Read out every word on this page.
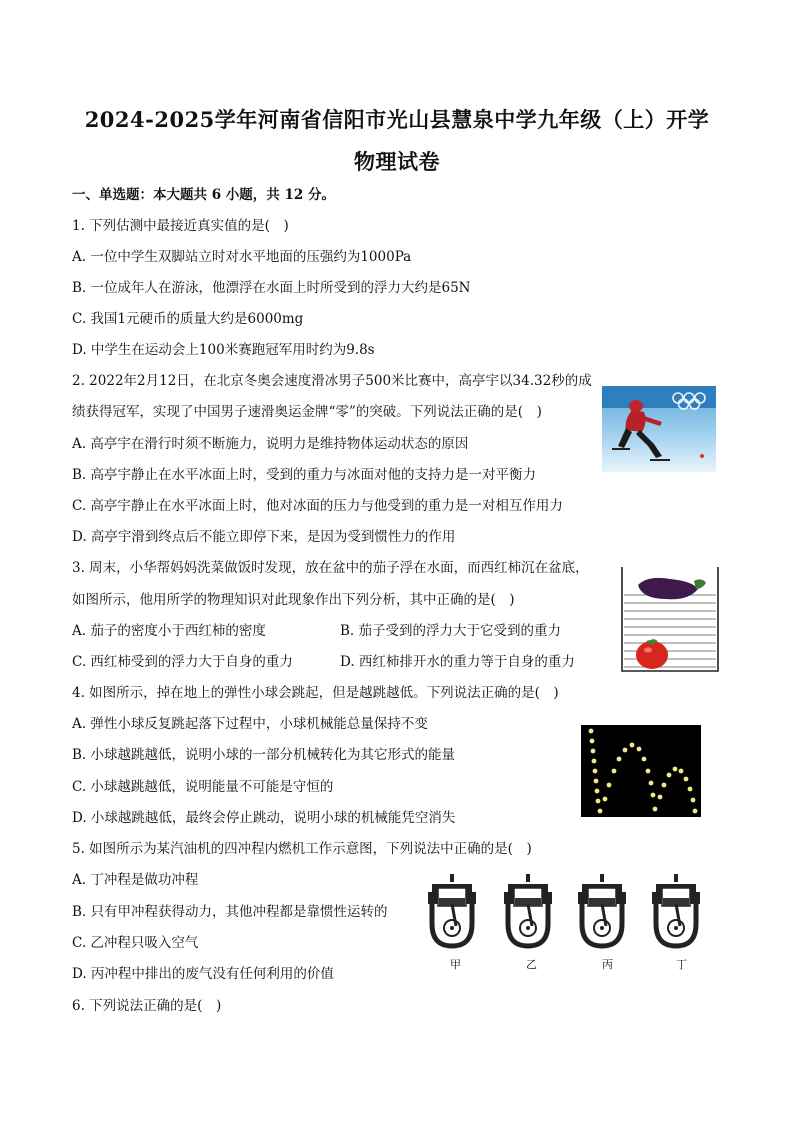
2024-2025学年河南省信阳市光山县慧泉中学九年级（上）开学
物理试卷
一、单选题：本大题共 6 小题，共 12 分。
1. 下列估测中最接近真实值的是(　)
A. 一位中学生双脚站立时对水平地面的压强约为1000Pa
B. 一位成年人在游泳，他漂浮在水面上时所受到的浮力大约是65N
C. 我国1元硬币的质量大约是6000mg
D. 中学生在运动会上100米赛跑冠军用时约为9.8s
2. 2022年2月12日，在北京冬奥会速度滑冰男子500米比赛中，高亭宇以34.32秒的成
绩获得冠军，实现了中国男子速滑奥运金牌“零”的突破。下列说法正确的是(　)
A. 高亭宇在滑行时须不断施力，说明力是维持物体运动状态的原因
B. 高亭宇静止在水平冰面上时，受到的重力与冰面对他的支持力是一对平衡力
C. 高亭宇静止在水平冰面上时，他对冰面的压力与他受到的重力是一对相互作用力
D. 高亭宇滑到终点后不能立即停下来，是因为受到惯性力的作用
3. 周末，小华帮妈妈洗菜做饭时发现，放在盆中的茄子浮在水面，而西红柿沉在盆底，
如图所示，他用所学的物理知识对此现象作出下列分析，其中正确的是(　)
A. 茄子的密度小于西红柿的密度	B. 茄子受到的浮力大于它受到的重力
C. 西红柿受到的浮力大于自身的重力	D. 西红柿排开水的重力等于自身的重力
4. 如图所示，掉在地上的弹性小球会跳起，但是越跳越低。下列说法正确的是(　)
A. 弹性小球反复跳起落下过程中，小球机械能总量保持不变
B. 小球越跳越低，说明小球的一部分机械转化为其它形式的能量
C. 小球越跳越低，说明能量不可能是守恒的
D. 小球越跳越低，最终会停止跳动，说明小球的机械能凭空消失
5. 如图所示为某汽油机的四冲程内燃机工作示意图，下列说法中正确的是(　)
A. 丁冲程是做功冲程
B. 只有甲冲程获得动力，其他冲程都是靠惯性运转的
C. 乙冲程只吸入空气
D. 丙冲程中排出的废气没有任何利用的价值
甲	乙	丙	丁
6. 下列说法正确的是(　)
